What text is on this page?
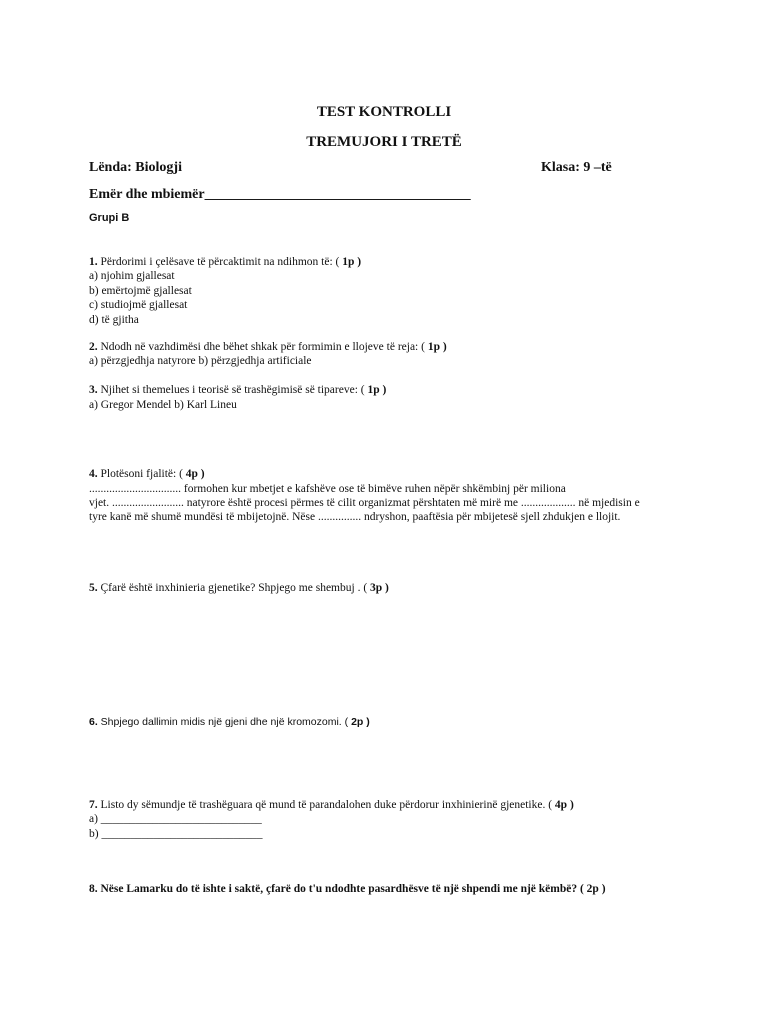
TEST KONTROLLI
TREMUJORI I TRETË
Lënda: Biologji	Klasa: 9 –të
Emër dhe mbiemër______________________________________
Grupi B
1. Përdorimi i çelësave të përcaktimit na ndihmon të: ( 1p )
a) njohim gjallesat
b) emërtojmë gjallesat
c) studiojmë gjallesat
d) të gjitha
2. Ndodh në vazhdimësi dhe bëhet shkak për formimin e llojeve të reja: ( 1p )
a) përzgjedhja natyrore b) përzgjedhja artificiale
3. Njihet si themelues i teorisë së trashëgimisë së tipareve: ( 1p )
a) Gregor Mendel b) Karl Lineu
4. Plotësoni fjalitë: ( 4p )
................................ formohen kur mbetjet e kafshëve ose të bimëve ruhen nëpër shkëmbinj për miliona
vjet. ......................... natyrore është procesi përmes të cilit organizmat përshtaten më mirë me ................... në mjedisin e
tyre kanë më shumë mundësi të mbijetojnë. Nëse ............... ndryshon, paaftësia për mbijetesë sjell zhdukjen e llojit.
5. Çfarë është inxhinieria gjenetike? Shpjego me shembuj . ( 3p )
6. Shpjego dallimin midis një gjeni dhe një kromozomi. ( 2p )
7. Listo dy sëmundje të trashëguara që mund të parandalohen duke përdorur inxhinierinë gjenetike. ( 4p )
a) ____________________________
b) ____________________________
8. Nëse Lamarku do të ishte i saktë, çfarë do t'u ndodhte pasardhësve të një shpendi me një këmbë? ( 2p )
